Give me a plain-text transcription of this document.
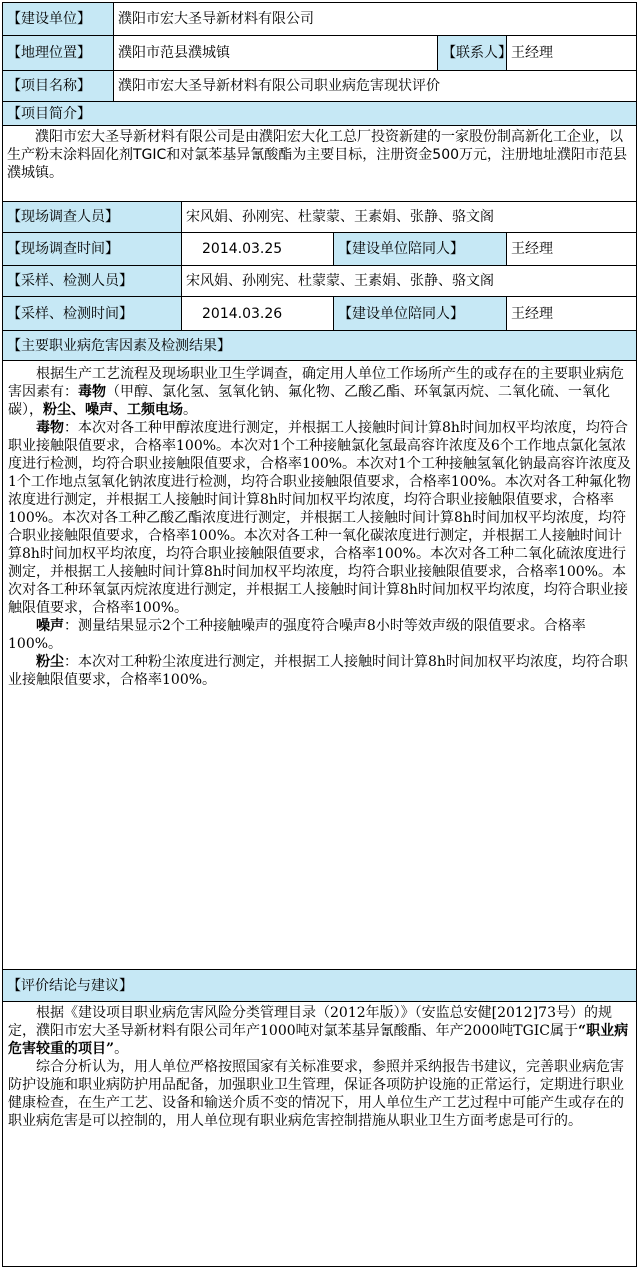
【建设单位】	濮阳市宏大圣导新材料有限公司				
【地理位置】	濮阳市范县濮城镇			【联系人】	王经理
【项目名称】	濮阳市宏大圣导新材料有限公司职业病危害现状评价				
【项目简介】					
濮阳市宏大圣导新材料有限公司是由濮阳宏大化工总厂投资新建的一家股份制高新化工企业，以生产粉末涂料固化剂TGIC和对氯苯基异氰酸酯为主要目标，注册资金500万元，注册地址濮阳市范县濮城镇。					
【现场调查人员】		宋风娟、孙刚宪、杜蒙蒙、王素娟、张静、骆文阁			
【现场调查时间】		2014.03.25	【建设单位陪同人】		王经理
【采样、检测人员】		宋风娟、孙刚宪、杜蒙蒙、王素娟、张静、骆文阁			
【采样、检测时间】		2014.03.26	【建设单位陪同人】		王经理
【主要职业病危害因素及检测结果】					

根据生产工艺流程及现场职业卫生学调查，确定用人单位工作场所产生的或存在的主要职业病危害因素有：毒物（甲醇、氯化氢、氢氧化钠、氟化物、乙酸乙酯、环氧氯丙烷、二氧化硫、一氧化碳），粉尘、噪声、工频电场。

毒物：本次对各工种甲醇浓度进行测定，并根据工人接触时间计算8h时间加权平均浓度，均符合职业接触限值要求，合格率100%。本次对1个工种接触氯化氢最高容许浓度及6个工作地点氯化氢浓度进行检测，均符合职业接触限值要求，合格率100%。本次对1个工种接触氢氧化钠最高容许浓度及1个工作地点氢氧化钠浓度进行检测，均符合职业接触限值要求，合格率100%。本次对各工种氟化物浓度进行测定，并根据工人接触时间计算8h时间加权平均浓度，均符合职业接触限值要求，合格率100%。本次对各工种乙酸乙酯浓度进行测定，并根据工人接触时间计算8h时间加权平均浓度，均符合职业接触限值要求，合格率100%。本次对各工种一氧化碳浓度进行测定，并根据工人接触时间计算8h时间加权平均浓度，均符合职业接触限值要求，合格率100%。本次对各工种二氧化硫浓度进行测定，并根据工人接触时间计算8h时间加权平均浓度，均符合职业接触限值要求，合格率100%。本次对各工种环氧氯丙烷浓度进行测定，并根据工人接触时间计算8h时间加权平均浓度，均符合职业接触限值要求，合格率100%。

噪声：测量结果显示2个工种接触噪声的强度符合噪声8小时等效声级的限值要求。合格率100%。

粉尘：本次对工种粉尘浓度进行测定，并根据工人接触时间计算8h时间加权平均浓度，均符合职业接触限值要求，合格率100%。					

【评价结论与建议】					

根据《建设项目职业病危害风险分类管理目录（2012年版）》（安监总安健[2012]73号）的规定，濮阳市宏大圣导新材料有限公司年产1000吨对氯苯基异氰酸酯、年产2000吨TGIC属于“职业病危害较重的项目”。

综合分析认为，用人单位严格按照国家有关标准要求，参照并采纳报告书建议，完善职业病危害防护设施和职业病防护用品配备，加强职业卫生管理，保证各项防护设施的正常运行，定期进行职业健康检查，在生产工艺、设备和输送介质不变的情况下，用人单位生产工艺过程中可能产生或存在的职业病危害是可以控制的，用人单位现有职业病危害控制措施从职业卫生方面考虑是可行的。					
